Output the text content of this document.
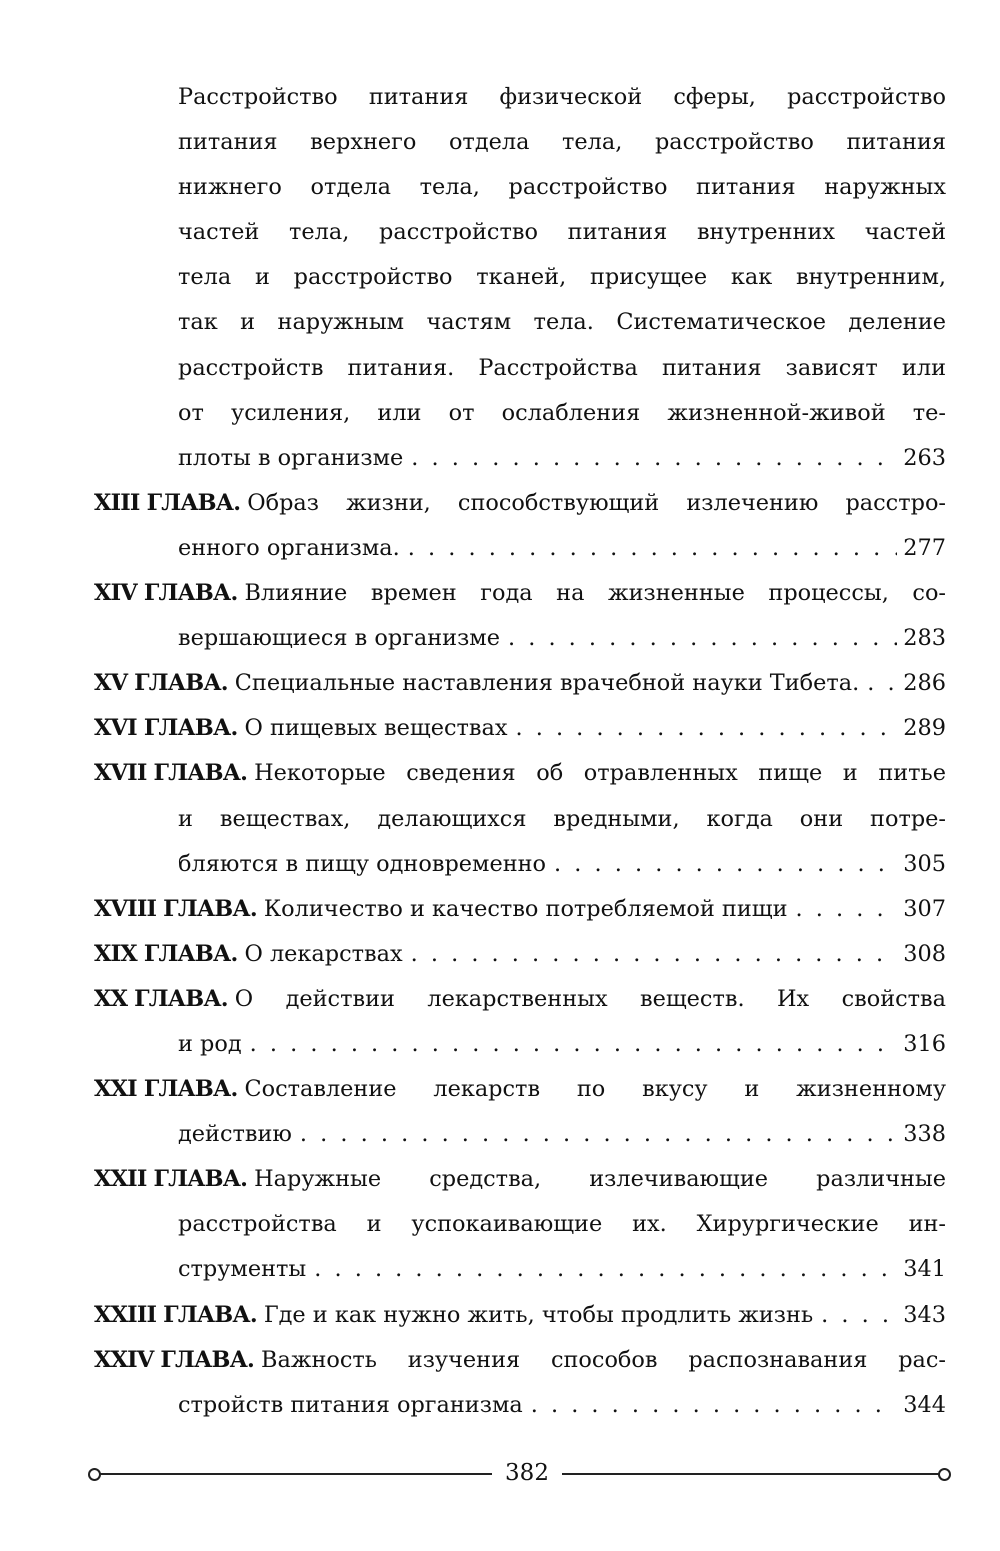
Расстройство питания физической сферы, расстройство
питания верхнего отдела тела, расстройство питания
нижнего отдела тела, расстройство питания наружных
частей тела, расстройство питания внутренних частей
тела и расстройство тканей, присущее как внутренним,
так и наружным частям тела. Систематическое деление
расстройств питания. Расстройства питания зависят или
от усиления, или от ослабления жизненной-живой те-
плоты в организме . . .	263
XIII ГЛАВА. Образ жизни, способствующий излечению расстро-
енного организма. . . .	277
XIV ГЛАВА. Влияние времен года на жизненные процессы, со-
вершающиеся в организме . . .	283
XV ГЛАВА. Специальные наставления врачебной науки Тибета. . . . 286
XVI ГЛАВА. О пищевых веществах . . .	289
XVII ГЛАВА. Некоторые сведения об отравленных пище и питье
и веществах, делающихся вредными, когда они потре-
бляются в пищу одновременно . . .	305
XVIII ГЛАВА. Количество и качество потребляемой пищи . . .	307
XIX ГЛАВА. О лекарствах . . .	308
XX ГЛАВА. О действии лекарственных веществ. Их свойства
и род . . .	316
XXI ГЛАВА. Составление лекарств по вкусу и жизненному
действию . . .	338
XXII ГЛАВА. Наружные средства, излечивающие различные
расстройства и успокаивающие их. Хирургические ин-
струменты . . .	341
XXIII ГЛАВА. Где и как нужно жить, чтобы продлить жизнь . . .	343
XXIV ГЛАВА. Важность изучения способов распознавания рас-
стройств питания организма . . .	344
382
